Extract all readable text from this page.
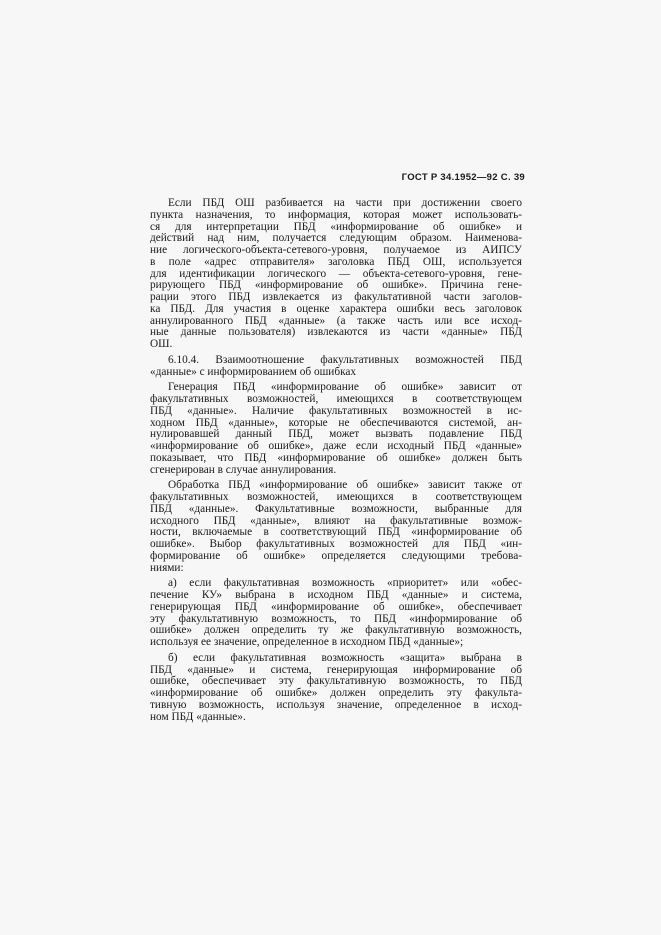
ГОСТ Р 34.1952—92 С. 39
Если ПБД ОШ разбивается на части при достижении своего
пункта назначения, то информация, которая может использовать-
ся для интерпретации ПБД «информирование об ошибке» и
действий над ним, получается следующим образом. Наименова-
ние логического-объекта-сетевого-уровня, получаемое из АИПСУ
в поле «адрес отправителя» заголовка ПБД ОШ, используется
для идентификации логического — объекта-сетевого-уровня, гене-
рирующего ПБД «информирование об ошибке». Причина гене-
рации этого ПБД извлекается из факультативной части заголов-
ка ПБД. Для участия в оценке характера ошибки весь заголовок
аннулированного ПБД «данные» (а также часть или все исход-
ные данные пользователя) извлекаются из части «данные» ПБД
ОШ.
6.10.4. Взаимоотношение факультативных возможностей ПБД
«данные» с информированием об ошибках
Генерация ПБД «информирование об ошибке» зависит от
факультативных возможностей, имеющихся в соответствующем
ПБД «данные». Наличие факультативных возможностей в ис-
ходном ПБД «данные», которые не обеспечиваются системой, ан-
нулировавшей данный ПБД, может вызвать подавление ПБД
«информирование об ошибке», даже если исходный ПБД «данные»
показывает, что ПБД «информирование об ошибке» должен быть
сгенерирован в случае аннулирования.
Обработка ПБД «информирование об ошибке» зависит также от
факультативных возможностей, имеющихся в соответствующем
ПБД «данные». Факультативные возможности, выбранные для
исходного ПБД «данные», влияют на факультативные возмож-
ности, включаемые в соответствующий ПБД «информирование об
ошибке». Выбор факультативных возможностей для ПБД «ин-
формирование об ошибке» определяется следующими требова-
ниями:
а) если факультативная возможность «приоритет» или «обес-
печение КУ» выбрана в исходном ПБД «данные» и система,
генерирующая ПБД «информирование об ошибке», обеспечивает
эту факультативную возможность, то ПБД «информирование об
ошибке» должен определить ту же факультативную возможность,
используя ее значение, определенное в исходном ПБД «данные»;
б) если факультативная возможность «защита» выбрана в
ПБД «данные» и система, генерирующая информирование об
ошибке, обеспечивает эту факультативную возможность, то ПБД
«информирование об ошибке» должен определить эту факульта-
тивную возможность, используя значение, определенное в исход-
ном ПБД «данные».
